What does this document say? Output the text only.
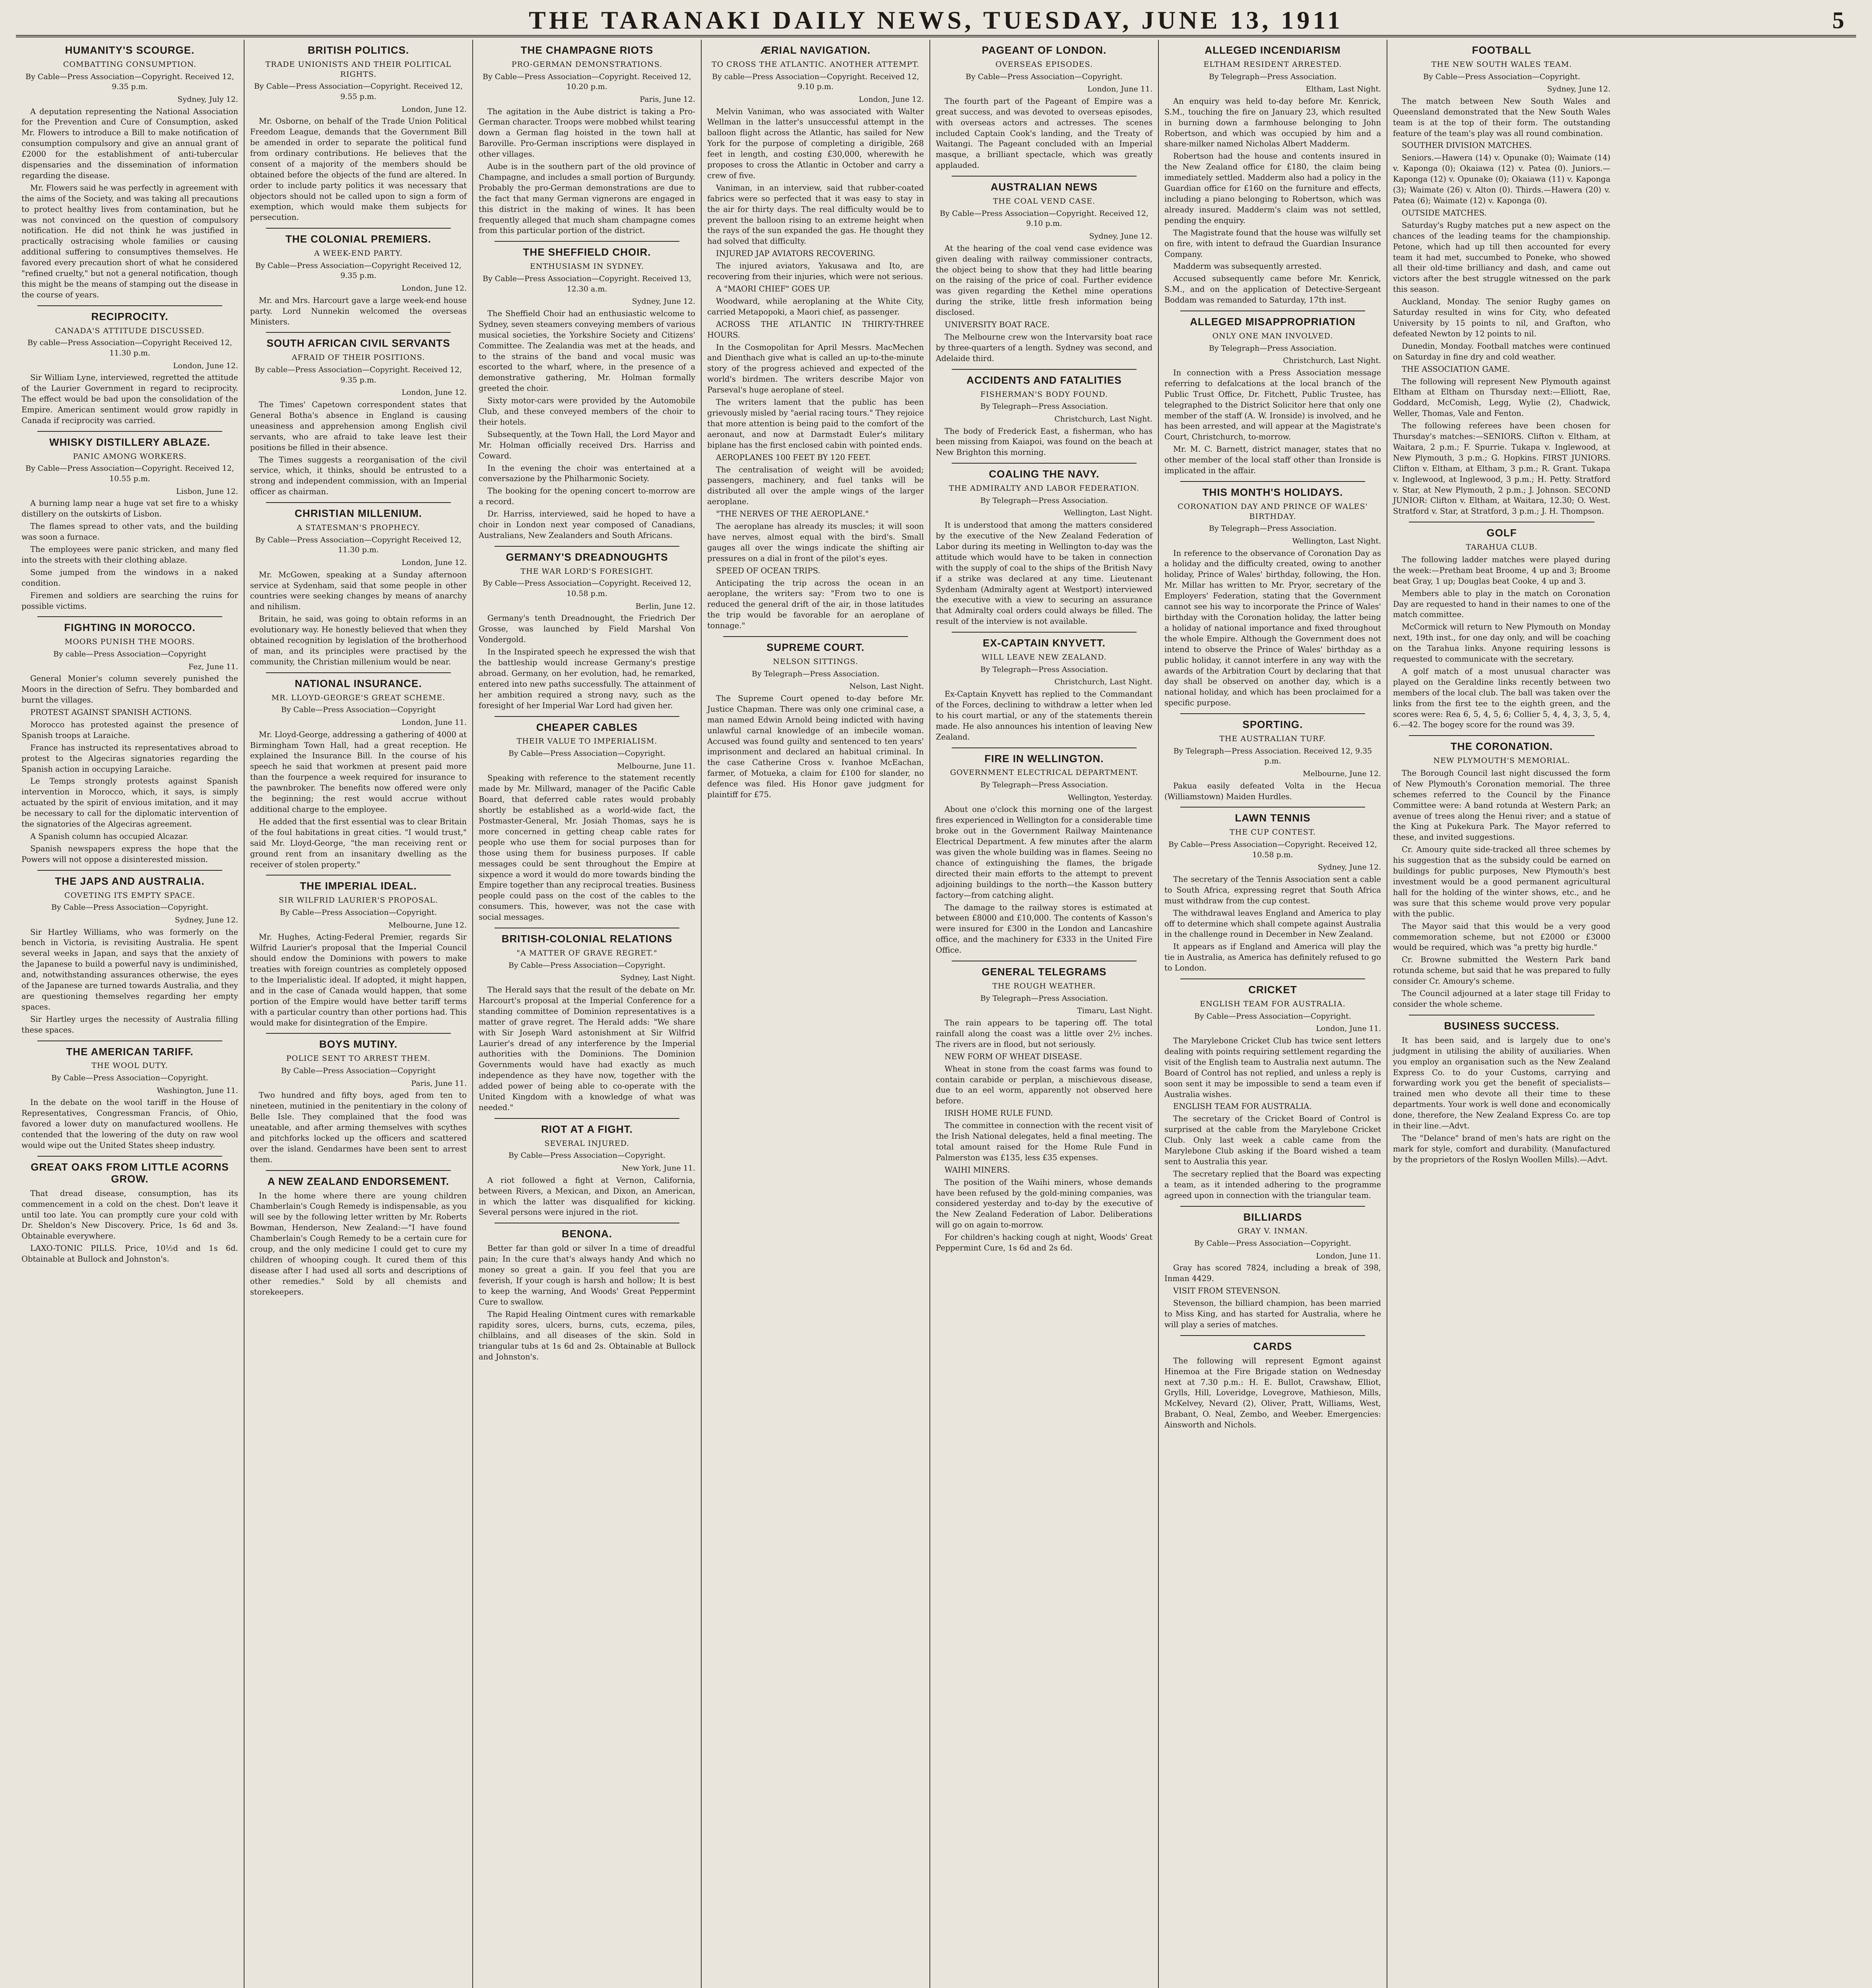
THE TARANAKI DAILY NEWS, TUESDAY, JUNE 13, 1911	5
HUMANITY'S SCOURGE.
COMBATTING CONSUMPTION.
By Cable—Press Association—Copyright. Received 12, 9.35 p.m.
Sydney, July 12.

A deputation representing the National Association for the Prevention and Cure of Consumption, asked Mr. Flowers to introduce a Bill to make notification of consumption compulsory and give an annual grant of £2000 for the establishment of anti-tubercular dispensaries and the dissemination of information regarding the disease.

Mr. Flowers said he was perfectly in agreement with the aims of the Society, and was taking all precautions to protect healthy lives from contamination, but he was not convinced on the question of compulsory notification. He did not think he was justified in practically ostracising whole families or causing additional suffering to consumptives themselves. He favored every precaution short of what he considered "refined cruelty," but not a general notification, though this might be the means of stamping out the disease in the course of years.

RECIPROCITY.
CANADA'S ATTITUDE DISCUSSED.
By cable—Press Association—Copyright Received 12, 11.30 p.m.
London, June 12.

Sir William Lyne, interviewed, regretted the attitude of the Laurier Government in regard to reciprocity. The effect would be bad upon the consolidation of the Empire. American sentiment would grow rapidly in Canada if reciprocity was carried.

WHISKY DISTILLERY ABLAZE.
PANIC AMONG WORKERS.
By Cable—Press Association—Copyright. Received 12, 10.55 p.m.
Lisbon, June 12.

A burning lamp near a huge vat set fire to a whisky distillery on the outskirts of Lisbon.

The flames spread to other vats, and the building was soon a furnace.

The employees were panic stricken, and many fled into the streets with their clothing ablaze.

Some jumped from the windows in a naked condition.

Firemen and soldiers are searching the ruins for possible victims.

FIGHTING IN MOROCCO.
MOORS PUNISH THE MOORS.
By cable—Press Association—Copyright
Fez, June 11.

General Monier's column severely punished the Moors in the direction of Sefru. They bombarded and burnt the villages.

PROTEST AGAINST SPANISH ACTIONS.

Morocco has protested against the presence of Spanish troops at Laraiche.

France has instructed its representatives abroad to protest to the Algeciras signatories regarding the Spanish action in occupying Laraiche.

Le Temps strongly protests against Spanish intervention in Morocco, which, it says, is simply actuated by the spirit of envious imitation, and it may be necessary to call for the diplomatic intervention of the signatories of the Algeciras agreement.

A Spanish column has occupied Alcazar.

Spanish newspapers express the hope that the Powers will not oppose a disinterested mission.

THE JAPS AND AUSTRALIA.
COVETING ITS EMPTY SPACE.
By Cable—Press Association—Copyright.
Sydney, June 12.

Sir Hartley Williams, who was formerly on the bench in Victoria, is revisiting Australia. He spent several weeks in Japan, and says that the anxiety of the Japanese to build a powerful navy is undiminished, and, notwithstanding assurances otherwise, the eyes of the Japanese are turned towards Australia, and they are questioning themselves regarding her empty spaces.

Sir Hartley urges the necessity of Australia filling these spaces.

THE AMERICAN TARIFF.
THE WOOL DUTY.
By Cable—Press Association—Copyright.
Washington, June 11.

In the debate on the wool tariff in the House of Representatives, Congressman Francis, of Ohio, favored a lower duty on manufactured woollens. He contended that the lowering of the duty on raw wool would wipe out the United States sheep industry.

GREAT OAKS FROM LITTLE ACORNS GROW.

That dread disease, consumption, has its commencement in a cold on the chest. Don't leave it until too late. You can promptly cure your cold with Dr. Sheldon's New Discovery. Price, 1s 6d and 3s. Obtainable everywhere.

LAXO-TONIC PILLS. Price, 10½d and 1s 6d. Obtainable at Bullock and Johnston's.

BRITISH POLITICS.
TRADE UNIONISTS AND THEIR POLITICAL RIGHTS.
By Cable—Press Association—Copyright. Received 12, 9.55 p.m.
London, June 12.

Mr. Osborne, on behalf of the Trade Union Political Freedom League, demands that the Government Bill be amended in order to separate the political fund from ordinary contributions. He believes that the consent of a majority of the members should be obtained before the objects of the fund are altered. In order to include party politics it was necessary that objectors should not be called upon to sign a form of exemption, which would make them subjects for persecution.

THE COLONIAL PREMIERS.
A WEEK-END PARTY.
By Cable—Press Association—Copyright Received 12, 9.35 p.m.
London, June 12.

Mr. and Mrs. Harcourt gave a large week-end house party. Lord Nunnekin welcomed the overseas Ministers.

SOUTH AFRICAN CIVIL SERVANTS
AFRAID OF THEIR POSITIONS.
By cable—Press Association—Copyright. Received 12, 9.35 p.m.
London, June 12.

The Times' Capetown correspondent states that General Botha's absence in England is causing uneasiness and apprehension among English civil servants, who are afraid to take leave lest their positions be filled in their absence.

The Times suggests a reorganisation of the civil service, which, it thinks, should be entrusted to a strong and independent commission, with an Imperial officer as chairman.

CHRISTIAN MILLENIUM.
A STATESMAN'S PROPHECY.
By Cable—Press Association—Copyright Received 12, 11.30 p.m.
London, June 12.

Mr. McGowen, speaking at a Sunday afternoon service at Sydenham, said that some people in other countries were seeking changes by means of anarchy and nihilism.

Britain, he said, was going to obtain reforms in an evolutionary way. He honestly believed that when they obtained recognition by legislation of the brotherhood of man, and its principles were practised by the community, the Christian millenium would be near.

NATIONAL INSURANCE.
MR. LLOYD-GEORGE'S GREAT SCHEME.
By Cable—Press Association—Copyright
London, June 11.

Mr. Lloyd-George, addressing a gathering of 4000 at Birmingham Town Hall, had a great reception. He explained the Insurance Bill. In the course of his speech he said that workmen at present paid more than the fourpence a week required for insurance to the pawnbroker. The benefits now offered were only the beginning; the rest would accrue without additional charge to the employee.

He added that the first essential was to clear Britain of the foul habitations in great cities. "I would trust," said Mr. Lloyd-George, "the man receiving rent or ground rent from an insanitary dwelling as the receiver of stolen property."

THE IMPERIAL IDEAL.
SIR WILFRID LAURIER'S PROPOSAL.
By Cable—Press Association—Copyright.
Melbourne, June 12.

Mr. Hughes, Acting-Federal Premier, regards Sir Wilfrid Laurier's proposal that the Imperial Council should endow the Dominions with powers to make treaties with foreign countries as completely opposed to the Imperialistic ideal. If adopted, it might happen, and in the case of Canada would happen, that some portion of the Empire would have better tariff terms with a particular country than other portions had. This would make for disintegration of the Empire.

BOYS MUTINY.
POLICE SENT TO ARREST THEM.
By Cable—Press Association—Copyright
Paris, June 11.

Two hundred and fifty boys, aged from ten to nineteen, mutinied in the penitentiary in the colony of Belle Isle. They complained that the food was uneatable, and after arming themselves with scythes and pitchforks locked up the officers and scattered over the island. Gendarmes have been sent to arrest them.

A NEW ZEALAND ENDORSEMENT.

In the home where there are young children Chamberlain's Cough Remedy is indispensable, as you will see by the following letter written by Mr. Roberts Bowman, Henderson, New Zealand:—"I have found Chamberlain's Cough Remedy to be a certain cure for croup, and the only medicine I could get to cure my children of whooping cough. It cured them of this disease after I had used all sorts and descriptions of other remedies." Sold by all chemists and storekeepers.

THE CHAMPAGNE RIOTS
PRO-GERMAN DEMONSTRATIONS.
By Cable—Press Association—Copyright. Received 12, 10.20 p.m.
Paris, June 12.

The agitation in the Aube district is taking a Pro-German character. Troops were mobbed whilst tearing down a German flag hoisted in the town hall at Baroville. Pro-German inscriptions were displayed in other villages.

Aube is in the southern part of the old province of Champagne, and includes a small portion of Burgundy. Probably the pro-German demonstrations are due to the fact that many German vignerons are engaged in this district in the making of wines. It has been frequently alleged that much sham champagne comes from this particular portion of the district.

THE SHEFFIELD CHOIR.
ENTHUSIASM IN SYDNEY.
By Cable—Press Association—Copyright. Received 13, 12.30 a.m.
Sydney, June 12.

The Sheffield Choir had an enthusiastic welcome to Sydney, seven steamers conveying members of various musical societies, the Yorkshire Society and Citizens' Committee. The Zealandia was met at the heads, and to the strains of the band and vocal music was escorted to the wharf, where, in the presence of a demonstrative gathering, Mr. Holman formally greeted the choir.

Sixty motor-cars were provided by the Automobile Club, and these conveyed members of the choir to their hotels.

Subsequently, at the Town Hall, the Lord Mayor and Mr. Holman officially received Drs. Harriss and Coward.

In the evening the choir was entertained at a conversazione by the Philharmonic Society.

The booking for the opening concert to-morrow are a record.

Dr. Harriss, interviewed, said he hoped to have a choir in London next year composed of Canadians, Australians, New Zealanders and South Africans.

GERMANY'S DREADNOUGHTS
THE WAR LORD'S FORESIGHT.
By Cable—Press Association—Copyright. Received 12, 10.58 p.m.
Berlin, June 12.

Germany's tenth Dreadnought, the Friedrich Der Grosse, was launched by Field Marshal Von Vondergold.

In the Inspirated speech he expressed the wish that the battleship would increase Germany's prestige abroad. Germany, on her evolution, had, he remarked, entered into new paths successfully. The attainment of her ambition required a strong navy, such as the foresight of her Imperial War Lord had given her.

CHEAPER CABLES
THEIR VALUE TO IMPERIALISM.
By Cable—Press Association—Copyright.
Melbourne, June 11.

Speaking with reference to the statement recently made by Mr. Millward, manager of the Pacific Cable Board, that deferred cable rates would probably shortly be established as a world-wide fact, the Postmaster-General, Mr. Josiah Thomas, says he is more concerned in getting cheap cable rates for people who use them for social purposes than for those using them for business purposes. If cable messages could be sent throughout the Empire at sixpence a word it would do more towards binding the Empire together than any reciprocal treaties. Business people could pass on the cost of the cables to the consumers. This, however, was not the case with social messages.

BRITISH-COLONIAL RELATIONS
"A MATTER OF GRAVE REGRET."
By Cable—Press Association—Copyright.
Sydney, Last Night.

The Herald says that the result of the debate on Mr. Harcourt's proposal at the Imperial Conference for a standing committee of Dominion representatives is a matter of grave regret. The Herald adds: "We share with Sir Joseph Ward astonishment at Sir Wilfrid Laurier's dread of any interference by the Imperial authorities with the Dominions. The Dominion Governments would have had exactly as much independence as they have now, together with the added power of being able to co-operate with the United Kingdom with a knowledge of what was needed."

RIOT AT A FIGHT.
SEVERAL INJURED.
By Cable—Press Association—Copyright.
New York, June 11.

A riot followed a fight at Vernon, California, between Rivers, a Mexican, and Dixon, an American, in which the latter was disqualified for kicking. Several persons were injured in the riot.

BENONA.

Better far than gold or silver In a time of dreadful pain; In the cure that's always handy And which no money so great a gain. If you feel that you are feverish, If your cough is harsh and hollow; It is best to keep the warning, And Woods' Great Peppermint Cure to swallow.

The Rapid Healing Ointment cures with remarkable rapidity sores, ulcers, burns, cuts, eczema, piles, chilblains, and all diseases of the skin. Sold in triangular tubs at 1s 6d and 2s. Obtainable at Bullock and Johnston's.

ÆRIAL NAVIGATION.
TO CROSS THE ATLANTIC. ANOTHER ATTEMPT.
By cable—Press Association—Copyright. Received 12, 9.10 p.m.
London, June 12.

Melvin Vaniman, who was associated with Walter Wellman in the latter's unsuccessful attempt in the balloon flight across the Atlantic, has sailed for New York for the purpose of completing a dirigible, 268 feet in length, and costing £30,000, wherewith he proposes to cross the Atlantic in October and carry a crew of five.

Vaniman, in an interview, said that rubber-coated fabrics were so perfected that it was easy to stay in the air for thirty days. The real difficulty would be to prevent the balloon rising to an extreme height when the rays of the sun expanded the gas. He thought they had solved that difficulty.

INJURED JAP AVIATORS RECOVERING.

The injured aviators, Yakusawa and Ito, are recovering from their injuries, which were not serious.

A "MAORI CHIEF" GOES UP.

Woodward, while aeroplaning at the White City, carried Metapopoki, a Maori chief, as passenger.

ACROSS THE ATLANTIC IN THIRTY-THREE HOURS.

In the Cosmopolitan for April Messrs. MacMechen and Dienthach give what is called an up-to-the-minute story of the progress achieved and expected of the world's birdmen. The writers describe Major von Parseval's huge aeroplane of steel.

The writers lament that the public has been grievously misled by "aerial racing tours." They rejoice that more attention is being paid to the comfort of the aeronaut, and now at Darmstadt Euler's military biplane has the first enclosed cabin with pointed ends.

AEROPLANES 100 FEET BY 120 FEET.

The centralisation of weight will be avoided; passengers, machinery, and fuel tanks will be distributed all over the ample wings of the larger aeroplane.

"THE NERVES OF THE AEROPLANE."

The aeroplane has already its muscles; it will soon have nerves, almost equal with the bird's. Small gauges all over the wings indicate the shifting air pressures on a dial in front of the pilot's eyes.

SPEED OF OCEAN TRIPS.

Anticipating the trip across the ocean in an aeroplane, the writers say: "From two to one is reduced the general drift of the air, in those latitudes the trip would be favorable for an aeroplane of tonnage."

SUPREME COURT.
NELSON SITTINGS.
By Telegraph—Press Association.
Nelson, Last Night.

The Supreme Court opened to-day before Mr. Justice Chapman. There was only one criminal case, a man named Edwin Arnold being indicted with having unlawful carnal knowledge of an imbecile woman. Accused was found guilty and sentenced to ten years' imprisonment and declared an habitual criminal. In the case Catherine Cross v. Ivanhoe McEachan, farmer, of Motueka, a claim for £100 for slander, no defence was filed. His Honor gave judgment for plaintiff for £75.

PAGEANT OF LONDON.
OVERSEAS EPISODES.
By Cable—Press Association—Copyright.
London, June 11.

The fourth part of the Pageant of Empire was a great success, and was devoted to overseas episodes, with overseas actors and actresses. The scenes included Captain Cook's landing, and the Treaty of Waitangi. The Pageant concluded with an Imperial masque, a brilliant spectacle, which was greatly applauded.

AUSTRALIAN NEWS
THE COAL VEND CASE.
By Cable—Press Association—Copyright. Received 12, 9.10 p.m.
Sydney, June 12.

At the hearing of the coal vend case evidence was given dealing with railway commissioner contracts, the object being to show that they had little bearing on the raising of the price of coal. Further evidence was given regarding the Kethel mine operations during the strike, little fresh information being disclosed.

UNIVERSITY BOAT RACE.

The Melbourne crew won the Intervarsity boat race by three-quarters of a length. Sydney was second, and Adelaide third.

ACCIDENTS AND FATALITIES
FISHERMAN'S BODY FOUND.
By Telegraph—Press Association.
Christchurch, Last Night.

The body of Frederick East, a fisherman, who has been missing from Kaiapoi, was found on the beach at New Brighton this morning.

COALING THE NAVY.
THE ADMIRALTY AND LABOR FEDERATION.
By Telegraph—Press Association.
Wellington, Last Night.

It is understood that among the matters considered by the executive of the New Zealand Federation of Labor during its meeting in Wellington to-day was the attitude which would have to be taken in connection with the supply of coal to the ships of the British Navy if a strike was declared at any time. Lieutenant Sydenham (Admiralty agent at Westport) interviewed the executive with a view to securing an assurance that Admiralty coal orders could always be filled. The result of the interview is not available.

EX-CAPTAIN KNYVETT.
WILL LEAVE NEW ZEALAND.
By Telegraph—Press Association.
Christchurch, Last Night.

Ex-Captain Knyvett has replied to the Commandant of the Forces, declining to withdraw a letter when led to his court martial, or any of the statements therein made. He also announces his intention of leaving New Zealand.

FIRE IN WELLINGTON.
GOVERNMENT ELECTRICAL DEPARTMENT.
By Telegraph—Press Association.
Wellington, Yesterday.

About one o'clock this morning one of the largest fires experienced in Wellington for a considerable time broke out in the Government Railway Maintenance Electrical Department. A few minutes after the alarm was given the whole building was in flames. Seeing no chance of extinguishing the flames, the brigade directed their main efforts to the attempt to prevent adjoining buildings to the north—the Kasson buttery factory—from catching alight.

The damage to the railway stores is estimated at between £8000 and £10,000. The contents of Kasson's were insured for £300 in the London and Lancashire office, and the machinery for £333 in the United Fire Office.

GENERAL TELEGRAMS
THE ROUGH WEATHER.
By Telegraph—Press Association.
Timaru, Last Night.

The rain appears to be tapering off. The total rainfall along the coast was a little over 2½ inches. The rivers are in flood, but not seriously.

NEW FORM OF WHEAT DISEASE.

Wheat in stone from the coast farms was found to contain carabide or perplan, a mischievous disease, due to an eel worm, apparently not observed here before.

IRISH HOME RULE FUND.

The committee in connection with the recent visit of the Irish National delegates, held a final meeting. The total amount raised for the Home Rule Fund in Palmerston was £135, less £35 expenses.

WAIHI MINERS.

The position of the Waihi miners, whose demands have been refused by the gold-mining companies, was considered yesterday and to-day by the executive of the New Zealand Federation of Labor. Deliberations will go on again to-morrow.

For children's hacking cough at night, Woods' Great Peppermint Cure, 1s 6d and 2s 6d.

ALLEGED INCENDIARISM
ELTHAM RESIDENT ARRESTED.
By Telegraph—Press Association.
Eltham, Last Night.

An enquiry was held to-day before Mr. Kenrick, S.M., touching the fire on January 23, which resulted in burning down a farmhouse belonging to John Robertson, and which was occupied by him and a share-milker named Nicholas Albert Madderm.

Robertson had the house and contents insured in the New Zealand office for £180, the claim being immediately settled. Madderm also had a policy in the Guardian office for £160 on the furniture and effects, including a piano belonging to Robertson, which was already insured. Madderm's claim was not settled, pending the enquiry.

The Magistrate found that the house was wilfully set on fire, with intent to defraud the Guardian Insurance Company.

Madderm was subsequently arrested.

Accused subsequently came before Mr. Kenrick, S.M., and on the application of Detective-Sergeant Boddam was remanded to Saturday, 17th inst.

ALLEGED MISAPPROPRIATION
ONLY ONE MAN INVOLVED.
By Telegraph—Press Association.
Christchurch, Last Night.

In connection with a Press Association message referring to defalcations at the local branch of the Public Trust Office, Dr. Fitchett, Public Trustee, has telegraphed to the District Solicitor here that only one member of the staff (A. W. Ironside) is involved, and he has been arrested, and will appear at the Magistrate's Court, Christchurch, to-morrow.

Mr. M. C. Barnett, district manager, states that no other member of the local staff other than Ironside is implicated in the affair.

THIS MONTH'S HOLIDAYS.
CORONATION DAY AND PRINCE OF WALES' BIRTHDAY.
By Telegraph—Press Association.
Wellington, Last Night.

In reference to the observance of Coronation Day as a holiday and the difficulty created, owing to another holiday, Prince of Wales' birthday, following, the Hon. Mr. Millar has written to Mr. Pryor, secretary of the Employers' Federation, stating that the Government cannot see his way to incorporate the Prince of Wales' birthday with the Coronation holiday, the latter being a holiday of national importance and fixed throughout the whole Empire. Although the Government does not intend to observe the Prince of Wales' birthday as a public holiday, it cannot interfere in any way with the awards of the Arbitration Court by declaring that that day shall be observed on another day, which is a national holiday, and which has been proclaimed for a specific purpose.

SPORTING.
THE AUSTRALIAN TURF.
By Telegraph—Press Association. Received 12, 9.35 p.m.
Melbourne, June 12.

Pakua easily defeated Volta in the Hecua (Williamstown) Maiden Hurdles.

LAWN TENNIS
THE CUP CONTEST.
By Cable—Press Association—Copyright. Received 12, 10.58 p.m.
Sydney, June 12.

The secretary of the Tennis Association sent a cable to South Africa, expressing regret that South Africa must withdraw from the cup contest.

The withdrawal leaves England and America to play off to determine which shall compete against Australia in the challenge round in December in New Zealand.

It appears as if England and America will play the tie in Australia, as America has definitely refused to go to London.

CRICKET
ENGLISH TEAM FOR AUSTRALIA.
By Cable—Press Association—Copyright.
London, June 11.

The Marylebone Cricket Club has twice sent letters dealing with points requiring settlement regarding the visit of the English team to Australia next autumn. The Board of Control has not replied, and unless a reply is soon sent it may be impossible to send a team even if Australia wishes.

ENGLISH TEAM FOR AUSTRALIA.

The secretary of the Cricket Board of Control is surprised at the cable from the Marylebone Cricket Club. Only last week a cable came from the Marylebone Club asking if the Board wished a team sent to Australia this year.

The secretary replied that the Board was expecting a team, as it intended adhering to the programme agreed upon in connection with the triangular team.

BILLIARDS
GRAY V. INMAN.
By Cable—Press Association—Copyright.
London, June 11.

Gray has scored 7824, including a break of 398, Inman 4429.

VISIT FROM STEVENSON.

Stevenson, the billiard champion, has been married to Miss King, and has started for Australia, where he will play a series of matches.

CARDS

The following will represent Egmont against Hinemoa at the Fire Brigade station on Wednesday next at 7.30 p.m.: H. E. Bullot, Crawshaw, Elliot, Grylls, Hill, Loveridge, Lovegrove, Mathieson, Mills, McKelvey, Nevard (2), Oliver, Pratt, Williams, West, Brabant, O. Neal, Zembo, and Weeber. Emergencies: Ainsworth and Nichols.

FOOTBALL
THE NEW SOUTH WALES TEAM.
By Cable—Press Association—Copyright.
Sydney, June 12.

The match between New South Wales and Queensland demonstrated that the New South Wales team is at the top of their form. The outstanding feature of the team's play was all round combination.

SOUTHER DIVISION MATCHES.

Seniors.—Hawera (14) v. Opunake (0); Waimate (14) v. Kaponga (0); Okaiawa (12) v. Patea (0). Juniors.—Kaponga (12) v. Opunake (0); Okaiawa (11) v. Kaponga (3); Waimate (26) v. Alton (0). Thirds.—Hawera (20) v. Patea (6); Waimate (12) v. Kaponga (0).

OUTSIDE MATCHES.

Saturday's Rugby matches put a new aspect on the chances of the leading teams for the championship. Petone, which had up till then accounted for every team it had met, succumbed to Poneke, who showed all their old-time brilliancy and dash, and came out victors after the best struggle witnessed on the park this season.

Auckland, Monday. The senior Rugby games on Saturday resulted in wins for City, who defeated University by 15 points to nil, and Grafton, who defeated Newton by 12 points to nil.

Dunedin, Monday. Football matches were continued on Saturday in fine dry and cold weather.

THE ASSOCIATION GAME.

The following will represent New Plymouth against Eltham at Eltham on Thursday next:—Elliott, Rae, Goddard, McComish, Legg, Wylie (2), Chadwick, Weller, Thomas, Vale and Fenton.

The following referees have been chosen for Thursday's matches:—SENIORS. Clifton v. Eltham, at Waitara, 2 p.m.; F. Spurrie. Tukapa v. Inglewood, at New Plymouth, 3 p.m.; G. Hopkins. FIRST JUNIORS. Clifton v. Eltham, at Eltham, 3 p.m.; R. Grant. Tukapa v. Inglewood, at Inglewood, 3 p.m.; H. Petty. Stratford v. Star, at New Plymouth, 2 p.m.; J. Johnson. SECOND JUNIOR: Clifton v. Eltham, at Waitara, 12.30; O. West. Stratford v. Star, at Stratford, 3 p.m.; J. H. Thompson.

GOLF
TARAHUA CLUB.

The following ladder matches were played during the week:—Pretham beat Broome, 4 up and 3; Broome beat Gray, 1 up; Douglas beat Cooke, 4 up and 3.

Members able to play in the match on Coronation Day are requested to hand in their names to one of the match committee.

McCormick will return to New Plymouth on Monday next, 19th inst., for one day only, and will be coaching on the Tarahua links. Anyone requiring lessons is requested to communicate with the secretary.

A golf match of a most unusual character was played on the Geraldine links recently between two members of the local club. The ball was taken over the links from the first tee to the eighth green, and the scores were: Rea 6, 5, 4, 5, 6; Collier 5, 4, 4, 3, 3, 5, 4, 6.—42. The bogey score for the round was 39.

THE CORONATION.
NEW PLYMOUTH'S MEMORIAL.

The Borough Council last night discussed the form of New Plymouth's Coronation memorial. The three schemes referred to the Council by the Finance Committee were: A band rotunda at Western Park; an avenue of trees along the Henui river; and a statue of the King at Pukekura Park. The Mayor referred to these, and invited suggestions.

Cr. Amoury quite side-tracked all three schemes by his suggestion that as the subsidy could be earned on buildings for public purposes, New Plymouth's best investment would be a good permanent agricultural hall for the holding of the winter shows, etc., and he was sure that this scheme would prove very popular with the public.

The Mayor said that this would be a very good commemoration scheme, but not £2000 or £3000 would be required, which was "a pretty big hurdle."

Cr. Browne submitted the Western Park band rotunda scheme, but said that he was prepared to fully consider Cr. Amoury's scheme.

The Council adjourned at a later stage till Friday to consider the whole scheme.

BUSINESS SUCCESS.

It has been said, and is largely due to one's judgment in utilising the ability of auxiliaries. When you employ an organisation such as the New Zealand Express Co. to do your Customs, carrying and forwarding work you get the benefit of specialists—trained men who devote all their time to these departments. Your work is well done and economically done, therefore, the New Zealand Express Co. are top in their line.—Advt.

The "Delance" brand of men's hats are right on the mark for style, comfort and durability. (Manufactured by the proprietors of the Roslyn Woollen Mills).—Advt.
